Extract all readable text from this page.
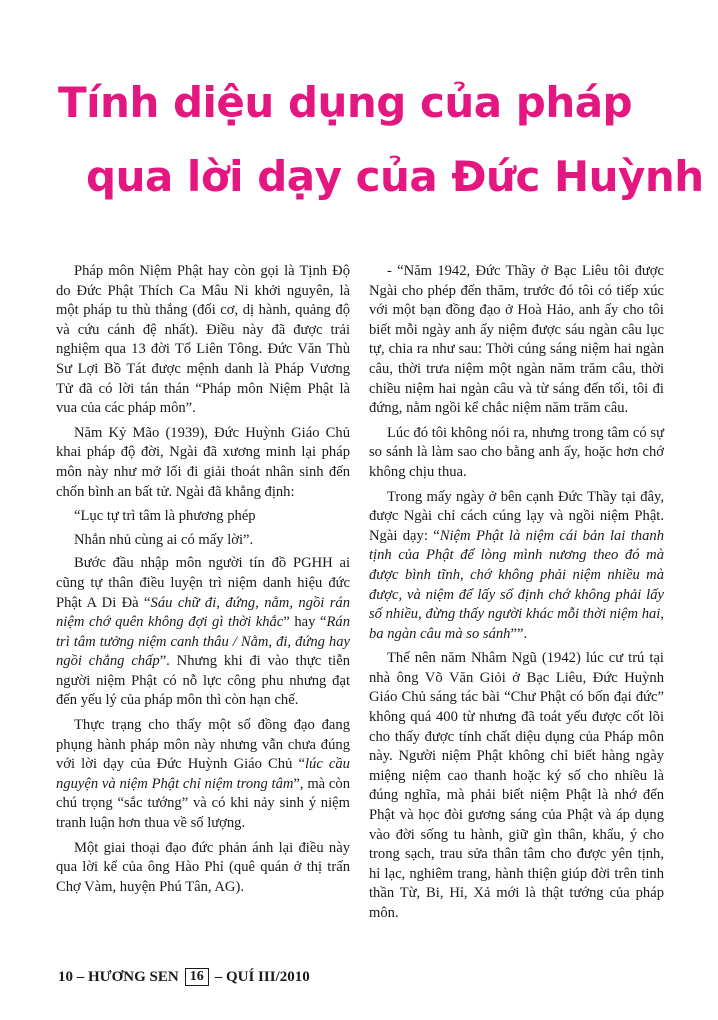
Tính diệu dụng của pháp
qua lời dạy của Đức Huỳnh

Pháp môn Niệm Phật hay còn gọi là Tịnh Độ do Đức Phật Thích Ca Mâu Ni khởi nguyên, là một pháp tu thù thắng (đối cơ, dị hành, quảng độ và cứu cánh đệ nhất). Điều này đã được trải nghiệm qua 13 đời Tổ Liên Tông. Đức Văn Thù Sư Lợi Bồ Tát được mệnh danh là Pháp Vương Tử đã có lời tán thán “Pháp môn Niệm Phật là vua của các pháp môn”.

Năm Kỷ Mão (1939), Đức Huỳnh Giáo Chủ khai pháp độ đời, Ngài đã xương minh lại pháp môn này như mở lối đi giải thoát nhân sinh đến chốn bình an bất tử. Ngài đã khẳng định:

“Lục tự trì tâm là phương phép

Nhắn nhủ cùng ai có mấy lời”.

Bước đầu nhập môn người tín đồ PGHH ai cũng tự thân điều luyện trì niệm danh hiệu đức Phật A Di Đà “Sáu chữ đi, đứng, nằm, ngồi rán niệm chớ quên không đợi gì thời khắc” hay “Rán trì tâm tưởng niệm canh thâu / Nằm, đi, đứng hay ngồi chẳng chấp”. Nhưng khi đi vào thực tiễn người niệm Phật có nỗ lực công phu nhưng đạt đến yếu lý của pháp môn thì còn hạn chế.

Thực trạng cho thấy một số đồng đạo đang phụng hành pháp môn này nhưng vẫn chưa đúng với lời dạy của Đức Huỳnh Giáo Chủ “lúc cầu nguyện và niệm Phật chỉ niệm trong tâm”, mà còn chú trọng “sắc tướng” và có khi nảy sinh ý niệm tranh luận hơn thua về số lượng.

Một giai thoại đạo đức phản ánh lại điều này qua lời kể của ông Hào Phỉ (quê quán ở thị trấn Chợ Vàm, huyện Phú Tân, AG).

- “Năm 1942, Đức Thầy ở Bạc Liêu tôi được Ngài cho phép đến thăm, trước đó tôi có tiếp xúc với một bạn đồng đạo ở Hoà Hảo, anh ấy cho tôi biết mỗi ngày anh ấy niệm được sáu ngàn câu lục tự, chia ra như sau: Thời cúng sáng niệm hai ngàn câu, thời trưa niệm một ngàn năm trăm câu, thời chiều niệm hai ngàn câu và từ sáng đến tối, tôi đi đứng, nằm ngồi kể chắc niệm năm trăm câu.

Lúc đó tôi không nói ra, nhưng trong tâm có sự so sánh là làm sao cho bằng anh ấy, hoặc hơn chớ không chịu thua.

Trong mấy ngày ở bên cạnh Đức Thầy tại đây, được Ngài chỉ cách cúng lạy và ngồi niệm Phật. Ngài dạy: “Niệm Phật là niệm cái bản lai thanh tịnh của Phật để lòng mình nương theo đó mà được bình tĩnh, chớ không phải niệm nhiều mà được, và niệm để lấy số định chớ không phải lấy số nhiều, đừng thấy người khác mỗi thời niệm hai, ba ngàn câu mà so sánh””.

Thế nên năm Nhâm Ngũ (1942) lúc cư trú tại nhà ông Võ Văn Giỏi ở Bạc Liêu, Đức Huỳnh Giáo Chủ sáng tác bài “Chư Phật có bốn đại đức” không quá 400 từ nhưng đã toát yếu được cốt lõi cho thấy được tính chất diệu dụng của Pháp môn này. Người niệm Phật không chỉ biết hàng ngày miệng niệm cao thanh hoặc ký số cho nhiều là đúng nghĩa, mà phải biết niệm Phật là nhớ đến Phật và học đòi gương sáng của Phật và áp dụng vào đời sống tu hành, giữ gìn thân, khẩu, ý cho trong sạch, trau sửa thân tâm cho được yên tịnh, hỉ lạc, nghiêm trang, hành thiện giúp đời trên tinh thần Từ, Bi, Hỉ, Xả mới là thật tướng của pháp môn.

10 – HƯƠNG SEN 16 – QUÍ III/2010
